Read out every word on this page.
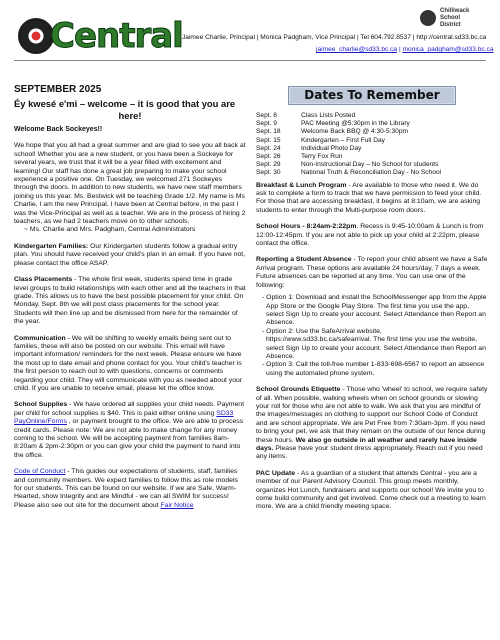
Central
Chilliwack School District
Jaimee Charlie, Principal | Monica Padgham, Vice Principal | Tel 604.792.8537 | http://central.sd33.bc.ca
jaimee_charlie@sd33.bc.ca | monica_padgham@sd33.bc.ca
SEPTEMBER 2025
Éy kwesé e'mi – welcome – it is good that you are
here!

Welcome Back Sockeyes!!

We hope that you all had a great summer and are glad to see you all back at school! Whether you are a new student, or you have been a Sockeye for several years, we trust that it will be a year filled with excitement and learning! Our staff has done a great job preparing to make your school experience a positive one. On Tuesday, we welcomed 271 Sockeyes through the doors. In addition to new students, we have new staff members joining us this year. Ms. Bestwick will be teaching Grade 1/2. My name is Ms Charlie, I am the new Principal. I have been at Central before, in the past I was the Vice-Principal as well as a teacher. We are in the process of hiring 2 teachers, as we had 2 teachers move on to other schools.

~ Ms. Charlie and Mrs. Padgham, Central Administrators

Kindergarten Families: Our Kindergarten students follow a gradual entry plan. You should have received your child's plan in an email. If you have not, please contact the office ASAP.

Class Placements - The whole first week, students spend time in grade level groups to build relationships with each other and all the teachers in that grade. This allows us to have the best possible placement for your child. On Monday, Sept. 8th we will post class placements for the school year. Students will then line up and be dismissed from here for the remainder of the year.

Communication - We will be shifting to weekly emails being sent out to families, these will also be posted on our website. This email will have important information/ reminders for the next week. Please ensure we have the most up to date email and phone contact for you. Your child's teacher is the first person to reach out to with questions, concerns or comments regarding your child. They will communicate with you as needed about your child. If you are unable to receive email, please let the office know.

School Supplies - We have ordered all supplies your child needs. Payment per child for school supplies is $40. This is paid either online using SD33 PayOnline/Forms , or payment brought to the office. We are able to process credit cards. Please note: We are not able to make change for any money coming to the school. We will be accepting payment from families 8am-8:20am & 2pm-2:30pm or you can give your child the payment to hand into the office.

Code of Conduct - This guides our expectations of students, staff, families and community members. We expect families to follow this as role models for our students. This can be found on our website. If we are Safe, Warm- Hearted, show Integrity and are Mindful - we can all SWIM for success! Please also see out site for the document about Fair Notice

Dates To Remember
Sept. 8	Class Lists Posted
Sept. 9	PAC Meeting @5:30pm in the Library
Sept. 18	Welcome Back BBQ @ 4:30-5:30pm
Sept. 15	Kindergarten – First Full Day
Sept. 24	Individual Photo Day
Sept. 26	Terry Fox Run
Sept. 29	Non-Instructional Day – No School for students
Sept. 30	National Truth & Reconciliation Day - No School

Breakfast & Lunch Program - Are available to those who need it. We do ask to complete a form to track that we have permission to feed your child. For those that are accessing breakfast, it begins at 8:10am, we are asking students to enter through the Multi-purpose room doors.

School Hours - 8:24am-2:22pm. Recess is 9:45-10:00am & Lunch is from 12:00-12:45pm. If you are not able to pick up your child at 2:22pm, please contact the office.

Reporting a Student Absence - To report your child absent we have a Safe Arrival program. These options are available 24 hours/day, 7 days a week. Future absences can be reported at any time. You can use one of the following:

- Option 1: Download and install the SchoolMessenger app from the Apple App Store or the Google Play Store. The first time you use the app, select Sign Up to create your account. Select Attendance then Report an Absence.

- Option 2: Use the SafeArrival website, https://www.sd33.bc.ca/safearrival. The first time you use the website, select Sign Up to create your account. Select Attendance then Report an Absence.

- Option 3: Call the toll-free number 1-833-698-6567 to report an absence using the automated phone system.

School Grounds Etiquette - Those who 'wheel' to school, we require safety of all. When possible, walking wheels when on school grounds or slowing your roll for those who are not able to walk. We ask that you are mindful of the images/messages on clothing to support our School Code of Conduct and are school appropriate. We are Pet Free from 7:30am-3pm. If you need to bring your pet, we ask that they remain on the outside of our fence during these hours. We also go outside in all weather and rarely have inside days. Please have your student dress appropriately. Reach out if you need any items.

PAC Update - As a guardian of a student that attends Central - you are a member of our Parent Advisory Council. This group meets monthly, organizes Hot Lunch, fundraisers and supports our school! We invite you to come build community and get involved. Come check out a meeting to learn more. We are a child friendly meeting space.
